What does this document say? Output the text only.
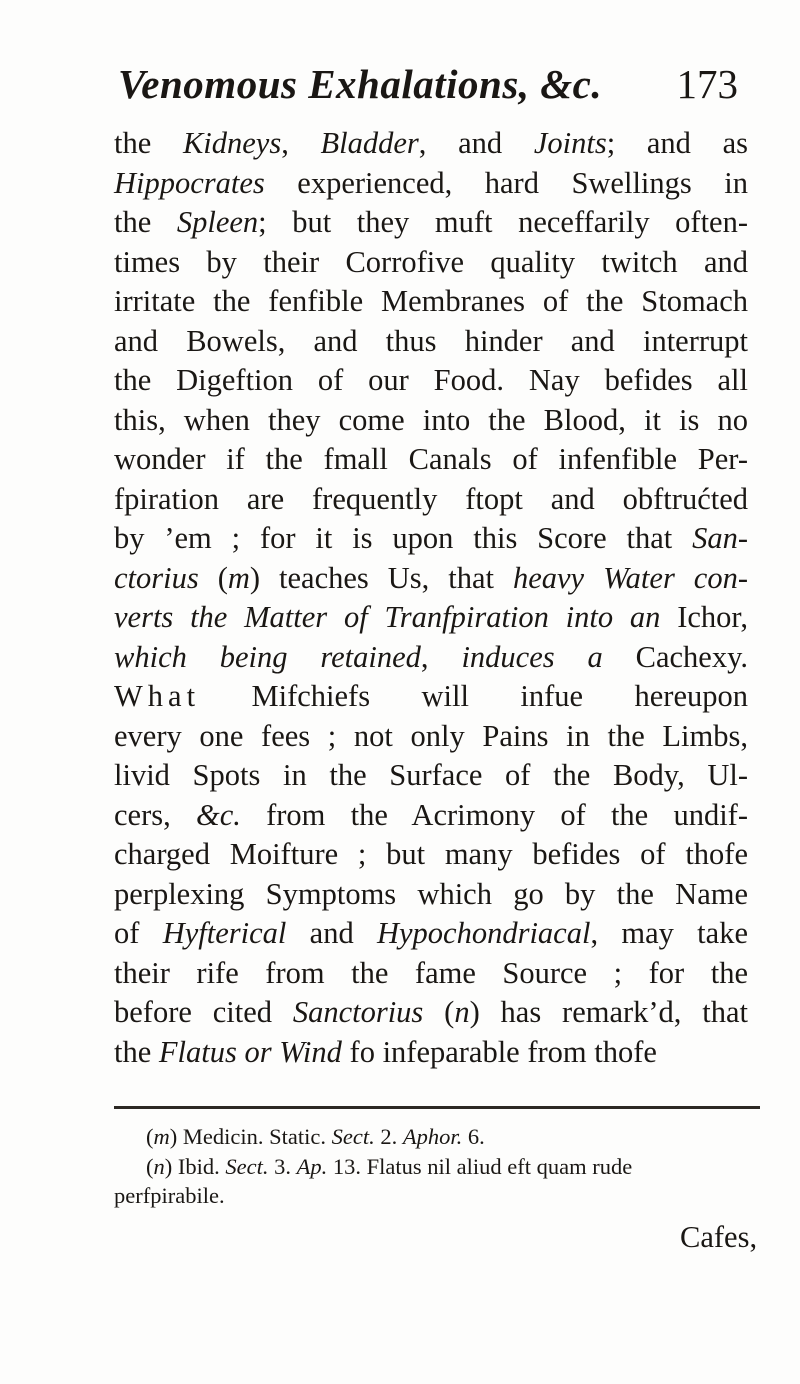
Venomous Exhalations, &c. 173
the Kidneys, Bladder, and Joints; and as
Hippocrates experienced, hard Swellings in
the Spleen; but they muft neceffarily often-
times by their Corrofive quality twitch and
irritate the fenfible Membranes of the Stomach
and Bowels, and thus hinder and interrupt
the Digeftion of our Food. Nay befides all
this, when they come into the Blood, it is no
wonder if the fmall Canals of infenfible Per-
fpiration are frequently ftopt and obftrućted
by ’em ; for it is upon this Score that San-
ctorius (m) teaches Us, that heavy Water con-
verts the Matter of Tranfpiration into an Ichor,
which being retained, induces a Cachexy.
What Mifchiefs will infue hereupon
every one fees ; not only Pains in the Limbs,
livid Spots in the Surface of the Body, Ul-
cers, &c. from the Acrimony of the undif-
charged Moifture ; but many befides of thofe
perplexing Symptoms which go by the Name
of Hyfterical and Hypochondriacal, may take
their rife from the fame Source ; for the
before cited Sanctorius (n) has remark’d, that
the Flatus or Wind fo infeparable from thofe
(m) Medicin. Static. Sect. 2. Aphor. 6.
(n) Ibid. Sect. 3. Ap. 13. Flatus nil aliud eft quam rude
perfpirabile.
Cafes,
